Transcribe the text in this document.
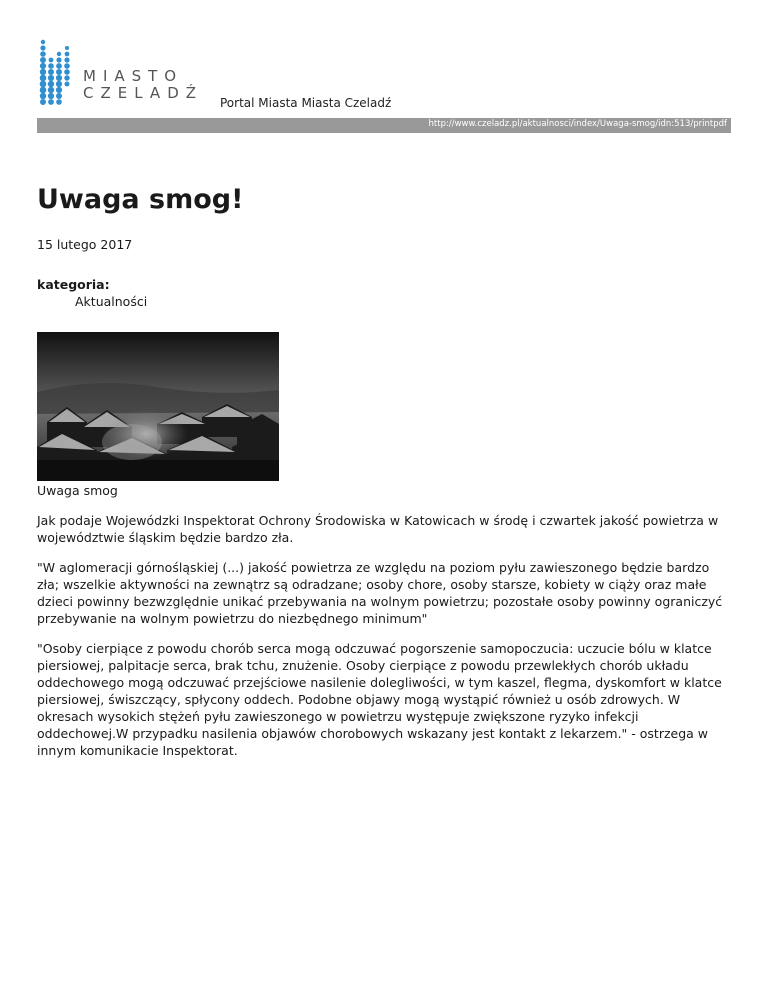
MIASTO
CZELADŹ
Portal Miasta Miasta Czeladź
http://www.czeladz.pl/aktualnosci/index/Uwaga-smog/idn:513/printpdf
Uwaga smog!
15 lutego 2017
kategoria:
Aktualności
Uwaga smog

Jak podaje Wojewódzki Inspektorat Ochrony Środowiska w Katowicach w środę i czwartek jakość powietrza w województwie śląskim będzie bardzo zła.

"W aglomeracji górnośląskiej (...) jakość powietrza ze względu na poziom pyłu zawieszonego będzie bardzo zła; wszelkie aktywności na zewnątrz są odradzane; osoby chore, osoby starsze, kobiety w ciąży oraz małe dzieci powinny bezwzględnie unikać przebywania na wolnym powietrzu; pozostałe osoby powinny ograniczyć przebywanie na wolnym powietrzu do niezbędnego minimum"

"Osoby cierpiące z powodu chorób serca mogą odczuwać pogorszenie samopoczucia: uczucie bólu w klatce piersiowej, palpitacje serca, brak tchu, znużenie. Osoby cierpiące z powodu przewlekłych chorób układu oddechowego mogą odczuwać przejściowe nasilenie dolegliwości, w tym kaszel, flegma, dyskomfort w klatce piersiowej, świszczący, spłycony oddech. Podobne objawy mogą wystąpić również u osób zdrowych. W okresach wysokich stężeń pyłu zawieszonego w powietrzu występuje zwiększone ryzyko infekcji oddechowej.W przypadku nasilenia objawów chorobowych wskazany jest kontakt z lekarzem." - ostrzega w innym komunikacie Inspektorat.
